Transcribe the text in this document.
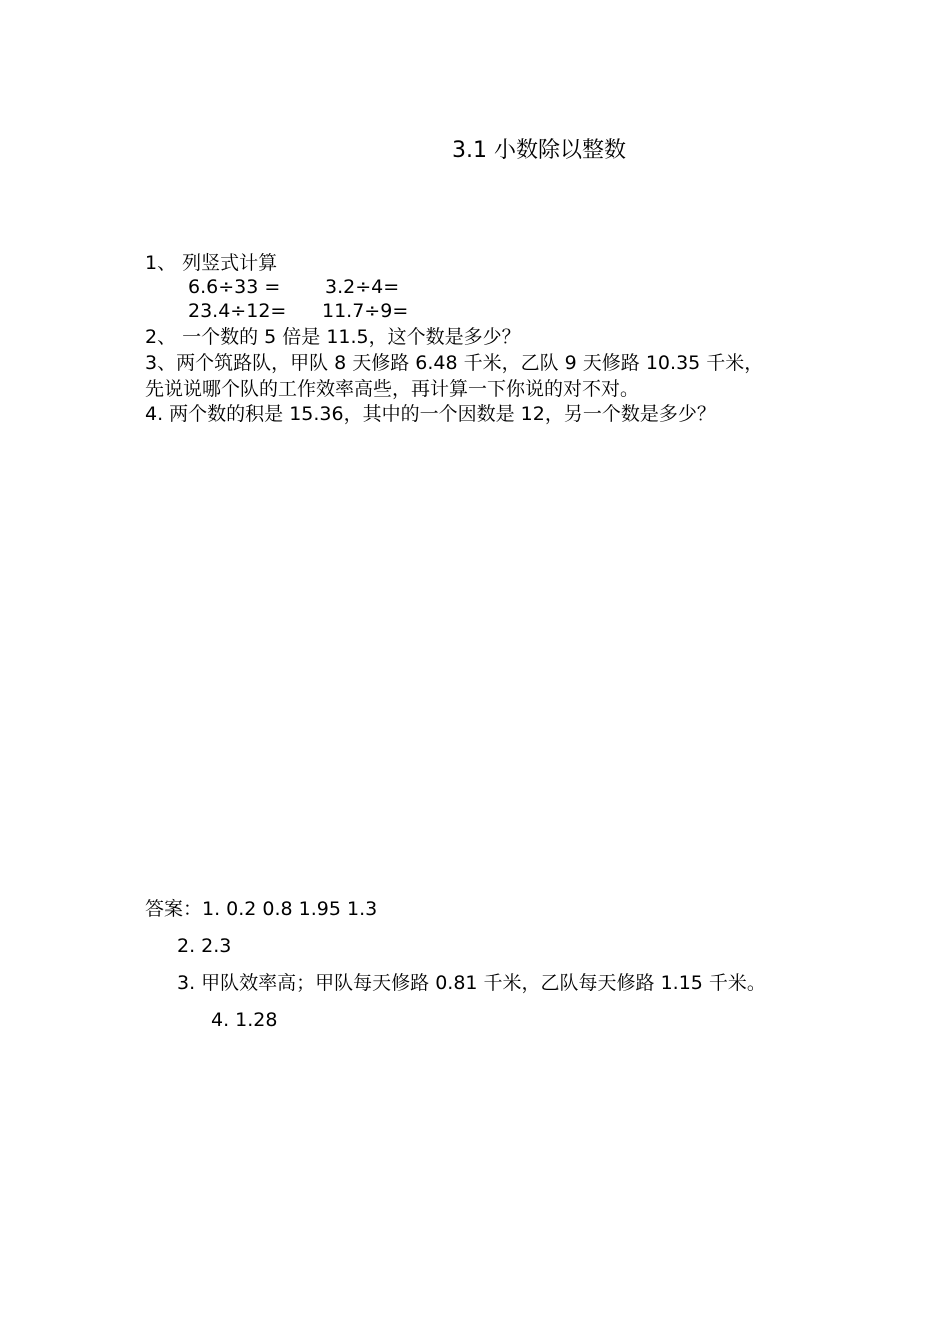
3.1 小数除以整数
1、 列竖式计算
6.6÷33 = 3.2÷4=
23.4÷12= 11.7÷9=
2、 一个数的 5 倍是 11.5，这个数是多少？
3、两个筑路队，甲队 8 天修路 6.48 千米，乙队 9 天修路 10.35 千米，
先说说哪个队的工作效率高些，再计算一下你说的对不对。
4. 两个数的积是 15.36，其中的一个因数是 12，另一个数是多少？
答案：1. 0.2 0.8 1.95 1.3
2. 2.3
3. 甲队效率高；甲队每天修路 0.81 千米，乙队每天修路 1.15 千米。
4. 1.28
